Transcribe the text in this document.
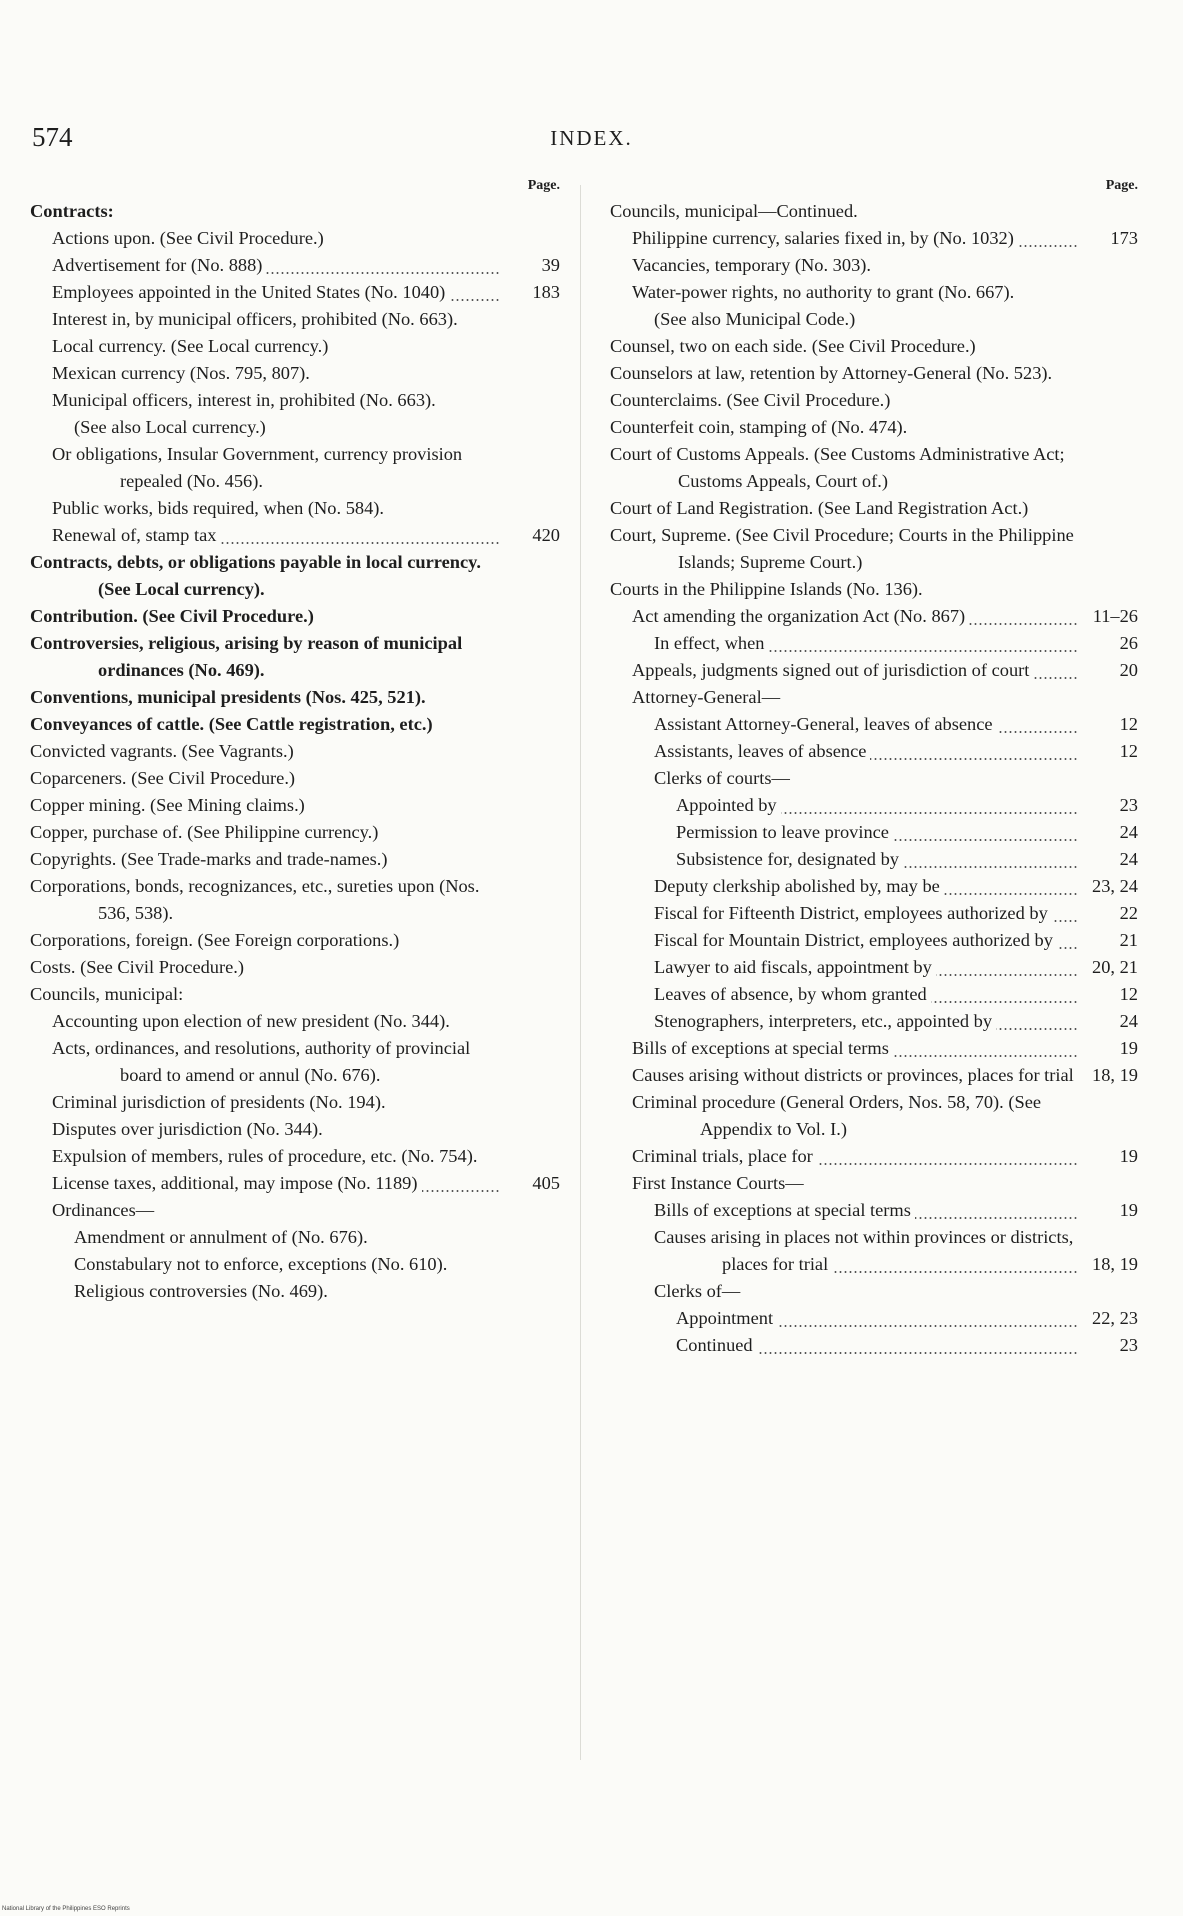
574	INDEX.
Page.
Contracts:
Actions upon. (See Civil Procedure.)
Advertisement for (No. 888)	39
Employees appointed in the United States (No. 1040)	183
Interest in, by municipal officers, prohibited (No. 663).
Local currency. (See Local currency.)
Mexican currency (Nos. 795, 807).
Municipal officers, interest in, prohibited (No. 663).
(See also Local currency.)
Or obligations, Insular Government, currency provision repealed (No. 456).
Public works, bids required, when (No. 584).
Renewal of, stamp tax	420
Contracts, debts, or obligations payable in local currency. (See Local currency).
Contribution. (See Civil Procedure.)
Controversies, religious, arising by reason of municipal ordinances (No. 469).
Conventions, municipal presidents (Nos. 425, 521).
Conveyances of cattle. (See Cattle registration, etc.)
Convicted vagrants. (See Vagrants.)
Coparceners. (See Civil Procedure.)
Copper mining. (See Mining claims.)
Copper, purchase of. (See Philippine currency.)
Copyrights. (See Trade-marks and trade-names.)
Corporations, bonds, recognizances, etc., sureties upon (Nos. 536, 538).
Corporations, foreign. (See Foreign corporations.)
Costs. (See Civil Procedure.)
Councils, municipal:
Accounting upon election of new president (No. 344).
Acts, ordinances, and resolutions, authority of provincial board to amend or annul (No. 676).
Criminal jurisdiction of presidents (No. 194).
Disputes over jurisdiction (No. 344).
Expulsion of members, rules of procedure, etc. (No. 754).
License taxes, additional, may impose (No. 1189)	405
Ordinances—
Amendment or annulment of (No. 676).
Constabulary not to enforce, exceptions (No. 610).
Religious controversies (No. 469).
Page.
Councils, municipal—Continued.
Philippine currency, salaries fixed in, by (No. 1032)	173
Vacancies, temporary (No. 303).
Water-power rights, no authority to grant (No. 667).
(See also Municipal Code.)
Counsel, two on each side. (See Civil Procedure.)
Counselors at law, retention by Attorney-General (No. 523).
Counterclaims. (See Civil Procedure.)
Counterfeit coin, stamping of (No. 474).
Court of Customs Appeals. (See Customs Administrative Act; Customs Appeals, Court of.)
Court of Land Registration. (See Land Registration Act.)
Court, Supreme. (See Civil Procedure; Courts in the Philippine Islands; Supreme Court.)
Courts in the Philippine Islands (No. 136).
Act amending the organization Act (No. 867)	11–26
In effect, when	26
Appeals, judgments signed out of jurisdiction of court	20
Attorney-General—
Assistant Attorney-General, leaves of absence	12
Assistants, leaves of absence	12
Clerks of courts—
Appointed by	23
Permission to leave province	24
Subsistence for, designated by	24
Deputy clerkship abolished by, may be	23, 24
Fiscal for Fifteenth District, employees authorized by	22
Fiscal for Mountain District, employees authorized by	21
Lawyer to aid fiscals, appointment by	20, 21
Leaves of absence, by whom granted	12
Stenographers, interpreters, etc., appointed by	24
Bills of exceptions at special terms	19
Causes arising without districts or provinces, places for trial 18, 19
Criminal procedure (General Orders, Nos. 58, 70). (See Appendix to Vol. I.)
Criminal trials, place for	19
First Instance Courts—
Bills of exceptions at special terms	19
Causes arising in places not within provinces or districts, places for trial	18, 19
Clerks of—
Appointment	22, 23
Continued	23
National Library of the Philippines ESO Reprints
